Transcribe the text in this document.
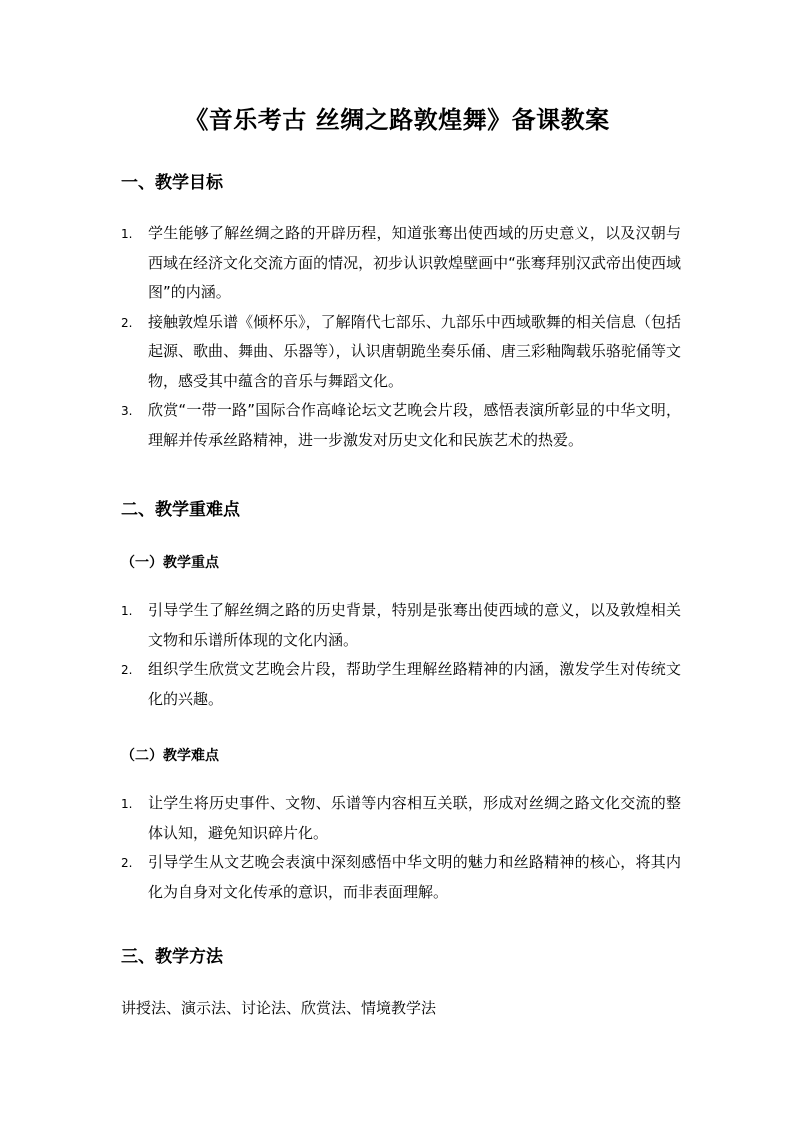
《音乐考古 丝绸之路敦煌舞》备课教案
一、教学目标
1. 学生能够了解丝绸之路的开辟历程，知道张骞出使西域的历史意义，以及汉朝与西域在经济文化交流方面的情况，初步认识敦煌壁画中“张骞拜别汉武帝出使西域图”的内涵。
2. 接触敦煌乐谱《倾杯乐》，了解隋代七部乐、九部乐中西域歌舞的相关信息（包括起源、歌曲、舞曲、乐器等），认识唐朝跪坐奏乐俑、唐三彩釉陶载乐骆驼俑等文物，感受其中蕴含的音乐与舞蹈文化。
3. 欣赏“一带一路”国际合作高峰论坛文艺晚会片段，感悟表演所彰显的中华文明，理解并传承丝路精神，进一步激发对历史文化和民族艺术的热爱。
二、教学重难点
（一）教学重点
1. 引导学生了解丝绸之路的历史背景，特别是张骞出使西域的意义，以及敦煌相关文物和乐谱所体现的文化内涵。
2. 组织学生欣赏文艺晚会片段，帮助学生理解丝路精神的内涵，激发学生对传统文化的兴趣。
（二）教学难点
1. 让学生将历史事件、文物、乐谱等内容相互关联，形成对丝绸之路文化交流的整体认知，避免知识碎片化。
2. 引导学生从文艺晚会表演中深刻感悟中华文明的魅力和丝路精神的核心，将其内化为自身对文化传承的意识，而非表面理解。
三、教学方法
讲授法、演示法、讨论法、欣赏法、情境教学法
